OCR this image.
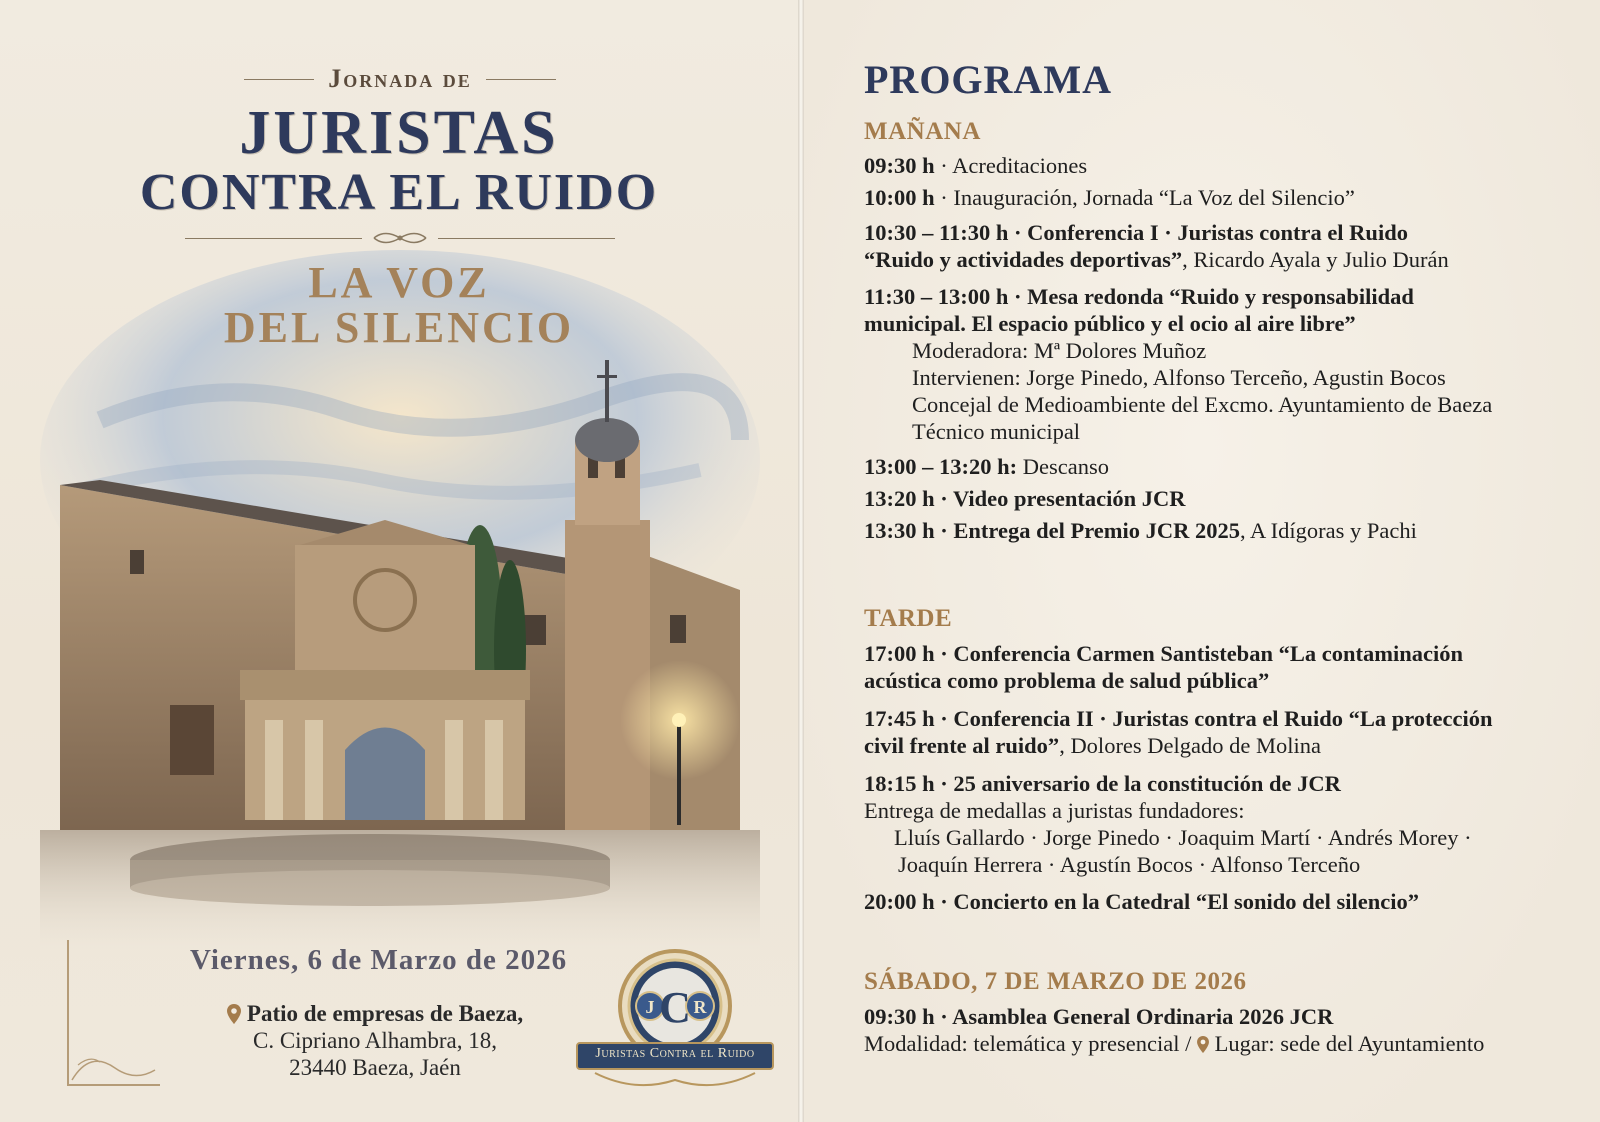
Jornada de
JURISTAS
CONTRA EL RUIDO
LA VOZ
DEL SILENCIO
Viernes, 6 de Marzo de 2026
Patio de empresas de Baeza,
C. Cipriano Alhambra, 18,
23440 Baeza, Jaén
J C R
Juristas Contra el Ruido
PROGRAMA
MAÑANA
09:30 h · Acreditaciones
10:00 h · Inauguración, Jornada “La Voz del Silencio”
10:30 – 11:30 h · Conferencia I · Juristas contra el Ruido
“Ruido y actividades deportivas”, Ricardo Ayala y Julio Durán
11:30 – 13:00 h · Mesa redonda “Ruido y responsabilidad
municipal. El espacio público y el ocio al aire libre”
Moderadora: Mª Dolores Muñoz
Intervienen: Jorge Pinedo, Alfonso Terceño, Agustin Bocos
Concejal de Medioambiente del Excmo. Ayuntamiento de Baeza
Técnico municipal
13:00 – 13:20 h: Descanso
13:20 h · Video presentación JCR
13:30 h · Entrega del Premio JCR 2025, A Idígoras y Pachi
TARDE
17:00 h · Conferencia Carmen Santisteban “La contaminación
acústica como problema de salud pública”
17:45 h · Conferencia II · Juristas contra el Ruido “La protección
civil frente al ruido”, Dolores Delgado de Molina
18:15 h · 25 aniversario de la constitución de JCR
Entrega de medallas a juristas fundadores:
Lluís Gallardo · Jorge Pinedo · Joaquim Martí · Andrés Morey ·
Joaquín Herrera · Agustín Bocos · Alfonso Terceño
20:00 h · Concierto en la Catedral “El sonido del silencio”
SÁBADO, 7 DE MARZO DE 2026
09:30 h · Asamblea General Ordinaria 2026 JCR
Modalidad: telemática y presencial /  Lugar: sede del Ayuntamiento
